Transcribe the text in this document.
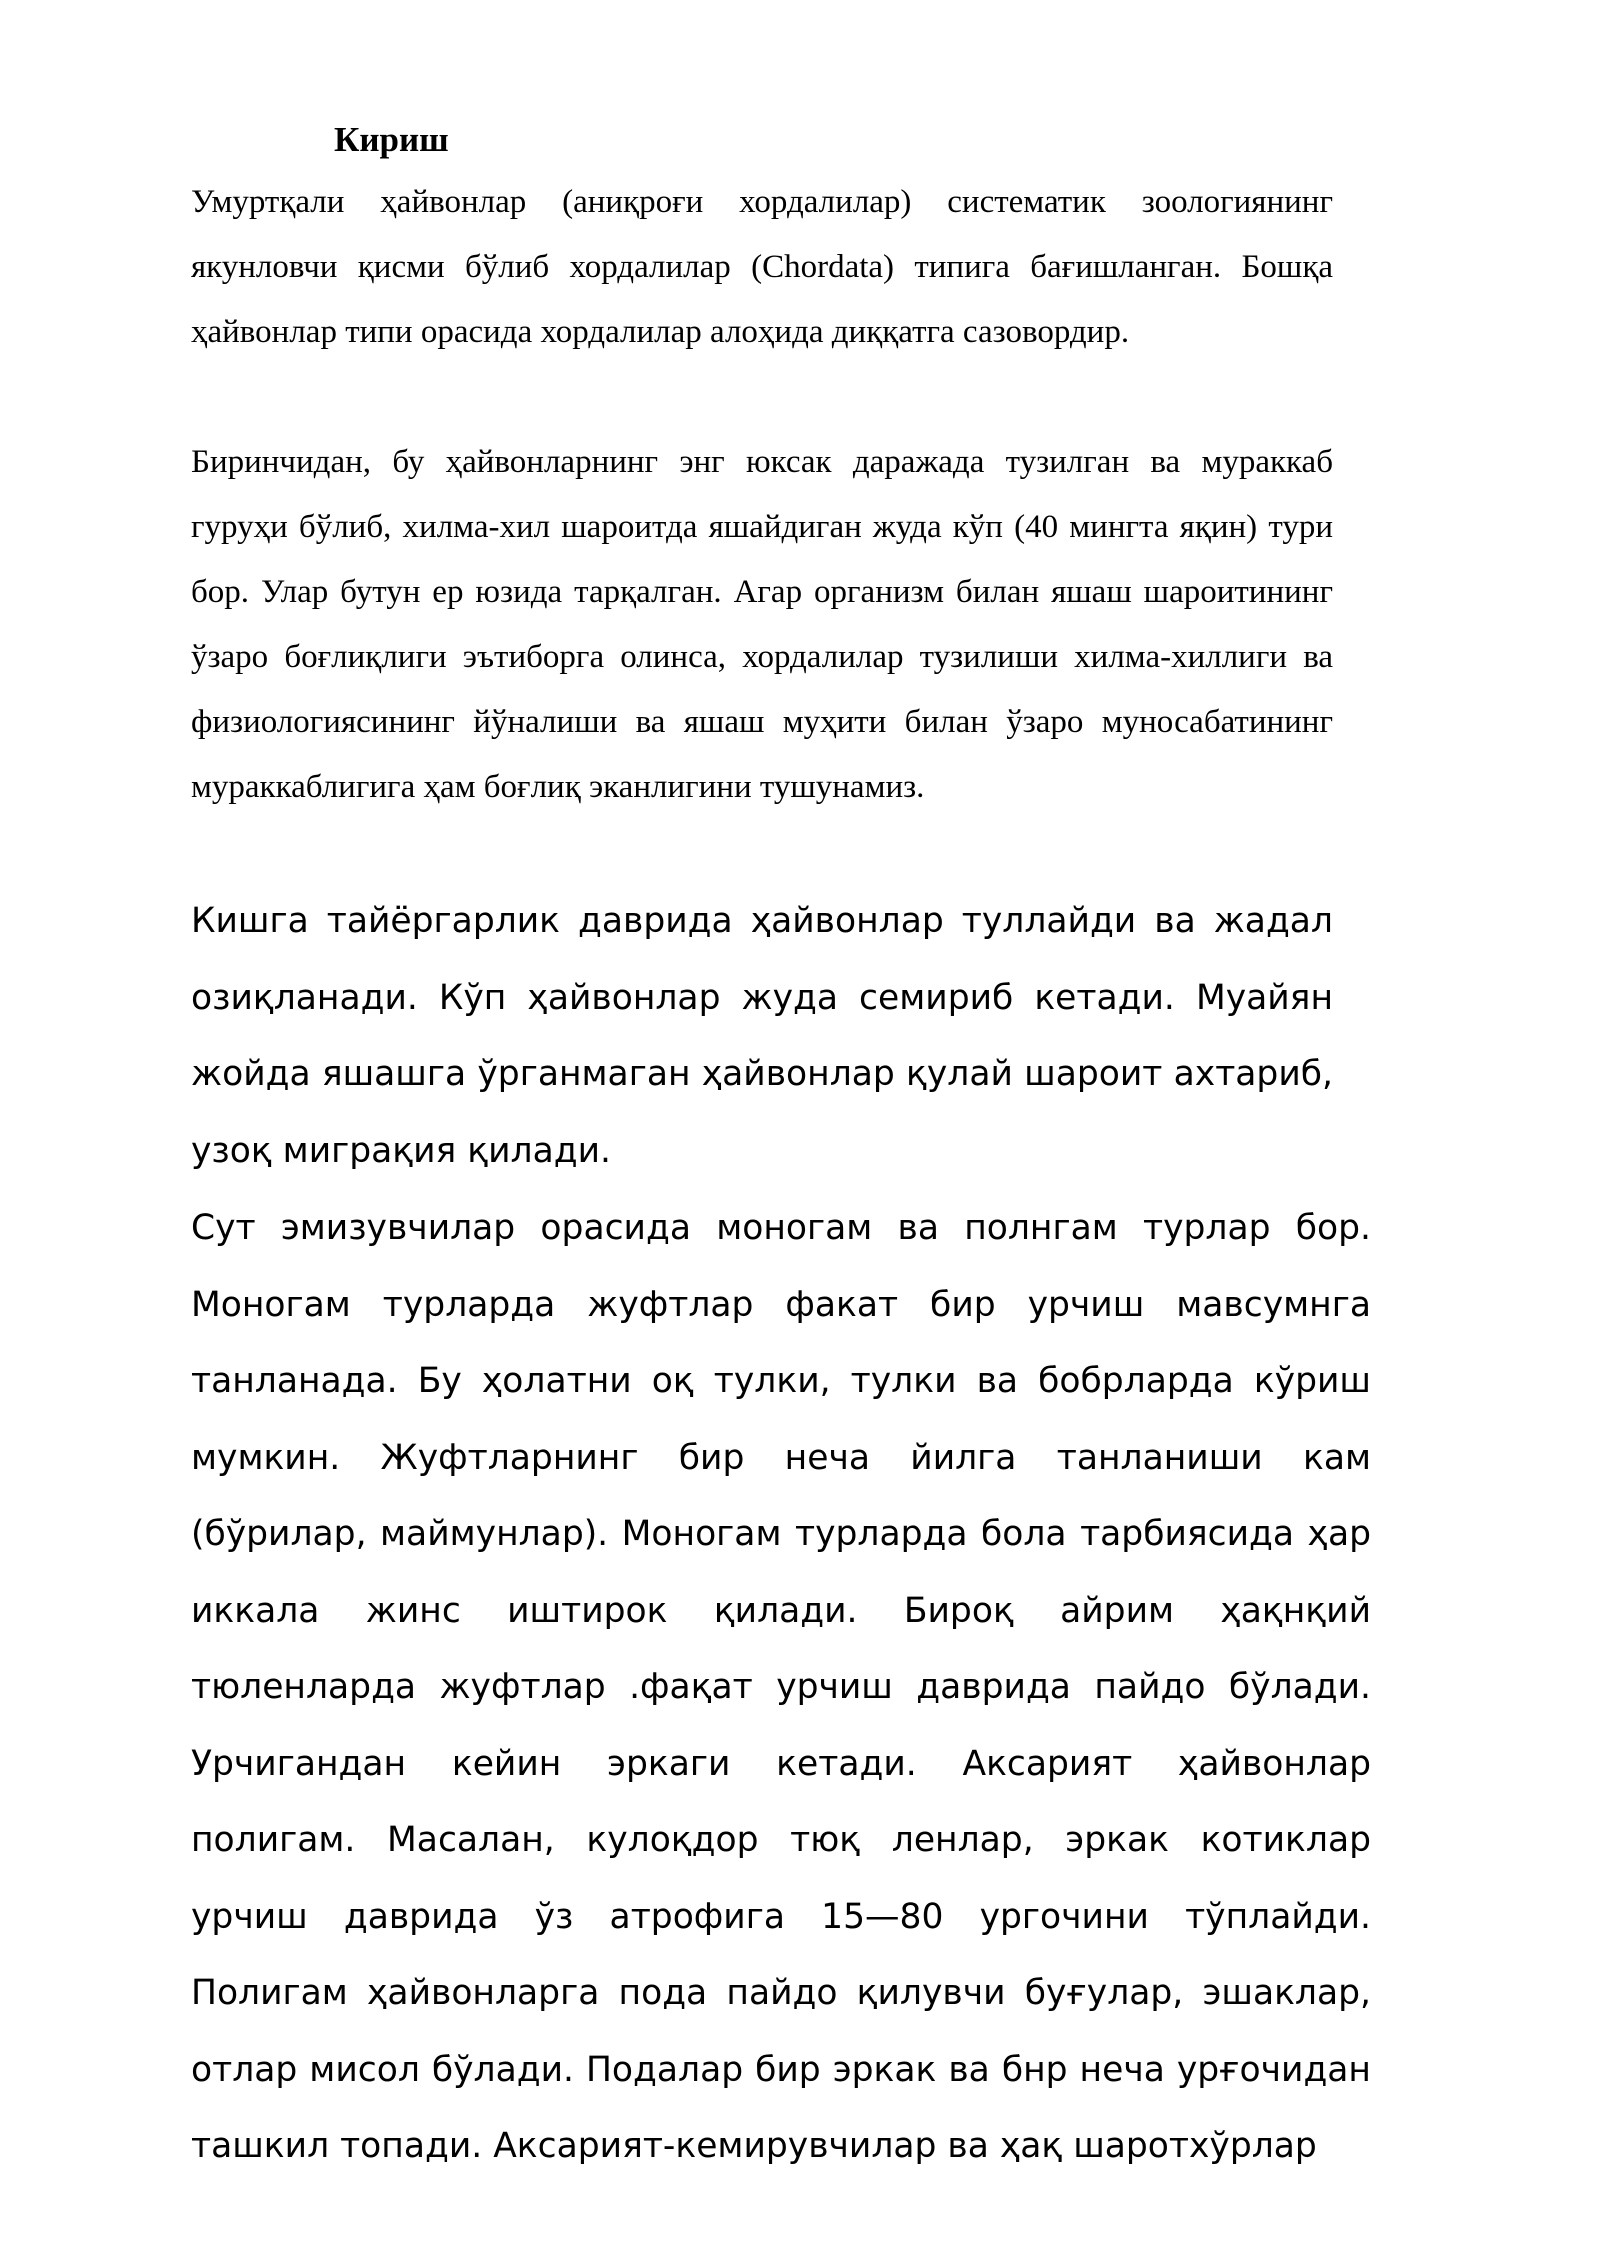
Кириш

Умуртқали ҳайвонлар (аниқроғи хордалилар) систематик зоологиянинг якунловчи қисми бўлиб хордалилар (Chordata) типига бағишланган. Бошқа ҳайвонлар типи орасида хордалилар алоҳида диққатга сазовордир.

Биринчидан, бу ҳайвонларнинг энг юксак даражада тузилган ва мураккаб гуруҳи бўлиб, хилма-хил шароитда яшайдиган жуда кўп (40 мингта яқин) тури бор. Улар бутун ер юзида тарқалган. Агар организм билан яшаш шароитининг ўзаро боғлиқлиги эътиборга олинса, хордалилар тузилиши хилма-хиллиги ва физиологиясининг йўналиши ва яшаш муҳити билан ўзаро муносабатининг мураккаблигига ҳам боғлиқ эканлигини тушунамиз.

Кишга тайёргарлик даврида ҳайвонлар туллайди ва жадал озиқланади. Кўп ҳайвонлар жуда семириб кетади. Муайян жойда яшашга ўрганмаган ҳайвонлар қулай шароит ахтариб, узоқ миграқия қилади.

Сут эмизувчилар орасида моногам ва полнгам турлар бор. Моногам турларда жуфтлар факат бир урчиш мавсумнга танланада. Бу ҳолатни оқ тулки, тулки ва бобрларда кўриш мумкин. Жуфтларнинг бир неча йилга танланиши кам (бўрилар, маймунлар). Моногам турларда бола тарбиясида ҳар иккала жинс иштирок қилади. Бироқ айрим ҳақнқий тюленларда жуфтлар .фақат урчиш даврида пайдо бўлади. Урчигандан кейин эркаги кетади. Аксарият ҳайвонлар полигам. Масалан, кулоқдор тюқ ленлар, эркак котиклар урчиш даврида ўз атрофига 15—80 ургочини тўплайди. Полигам ҳайвонларга пода пайдо қилувчи буғулар, эшаклар, отлар мисол бўлади. Подалар бир эркак ва бнр неча урғочидан ташкил топади. Аксарият-кемирувчилар ва ҳақ шаротхўрлар
